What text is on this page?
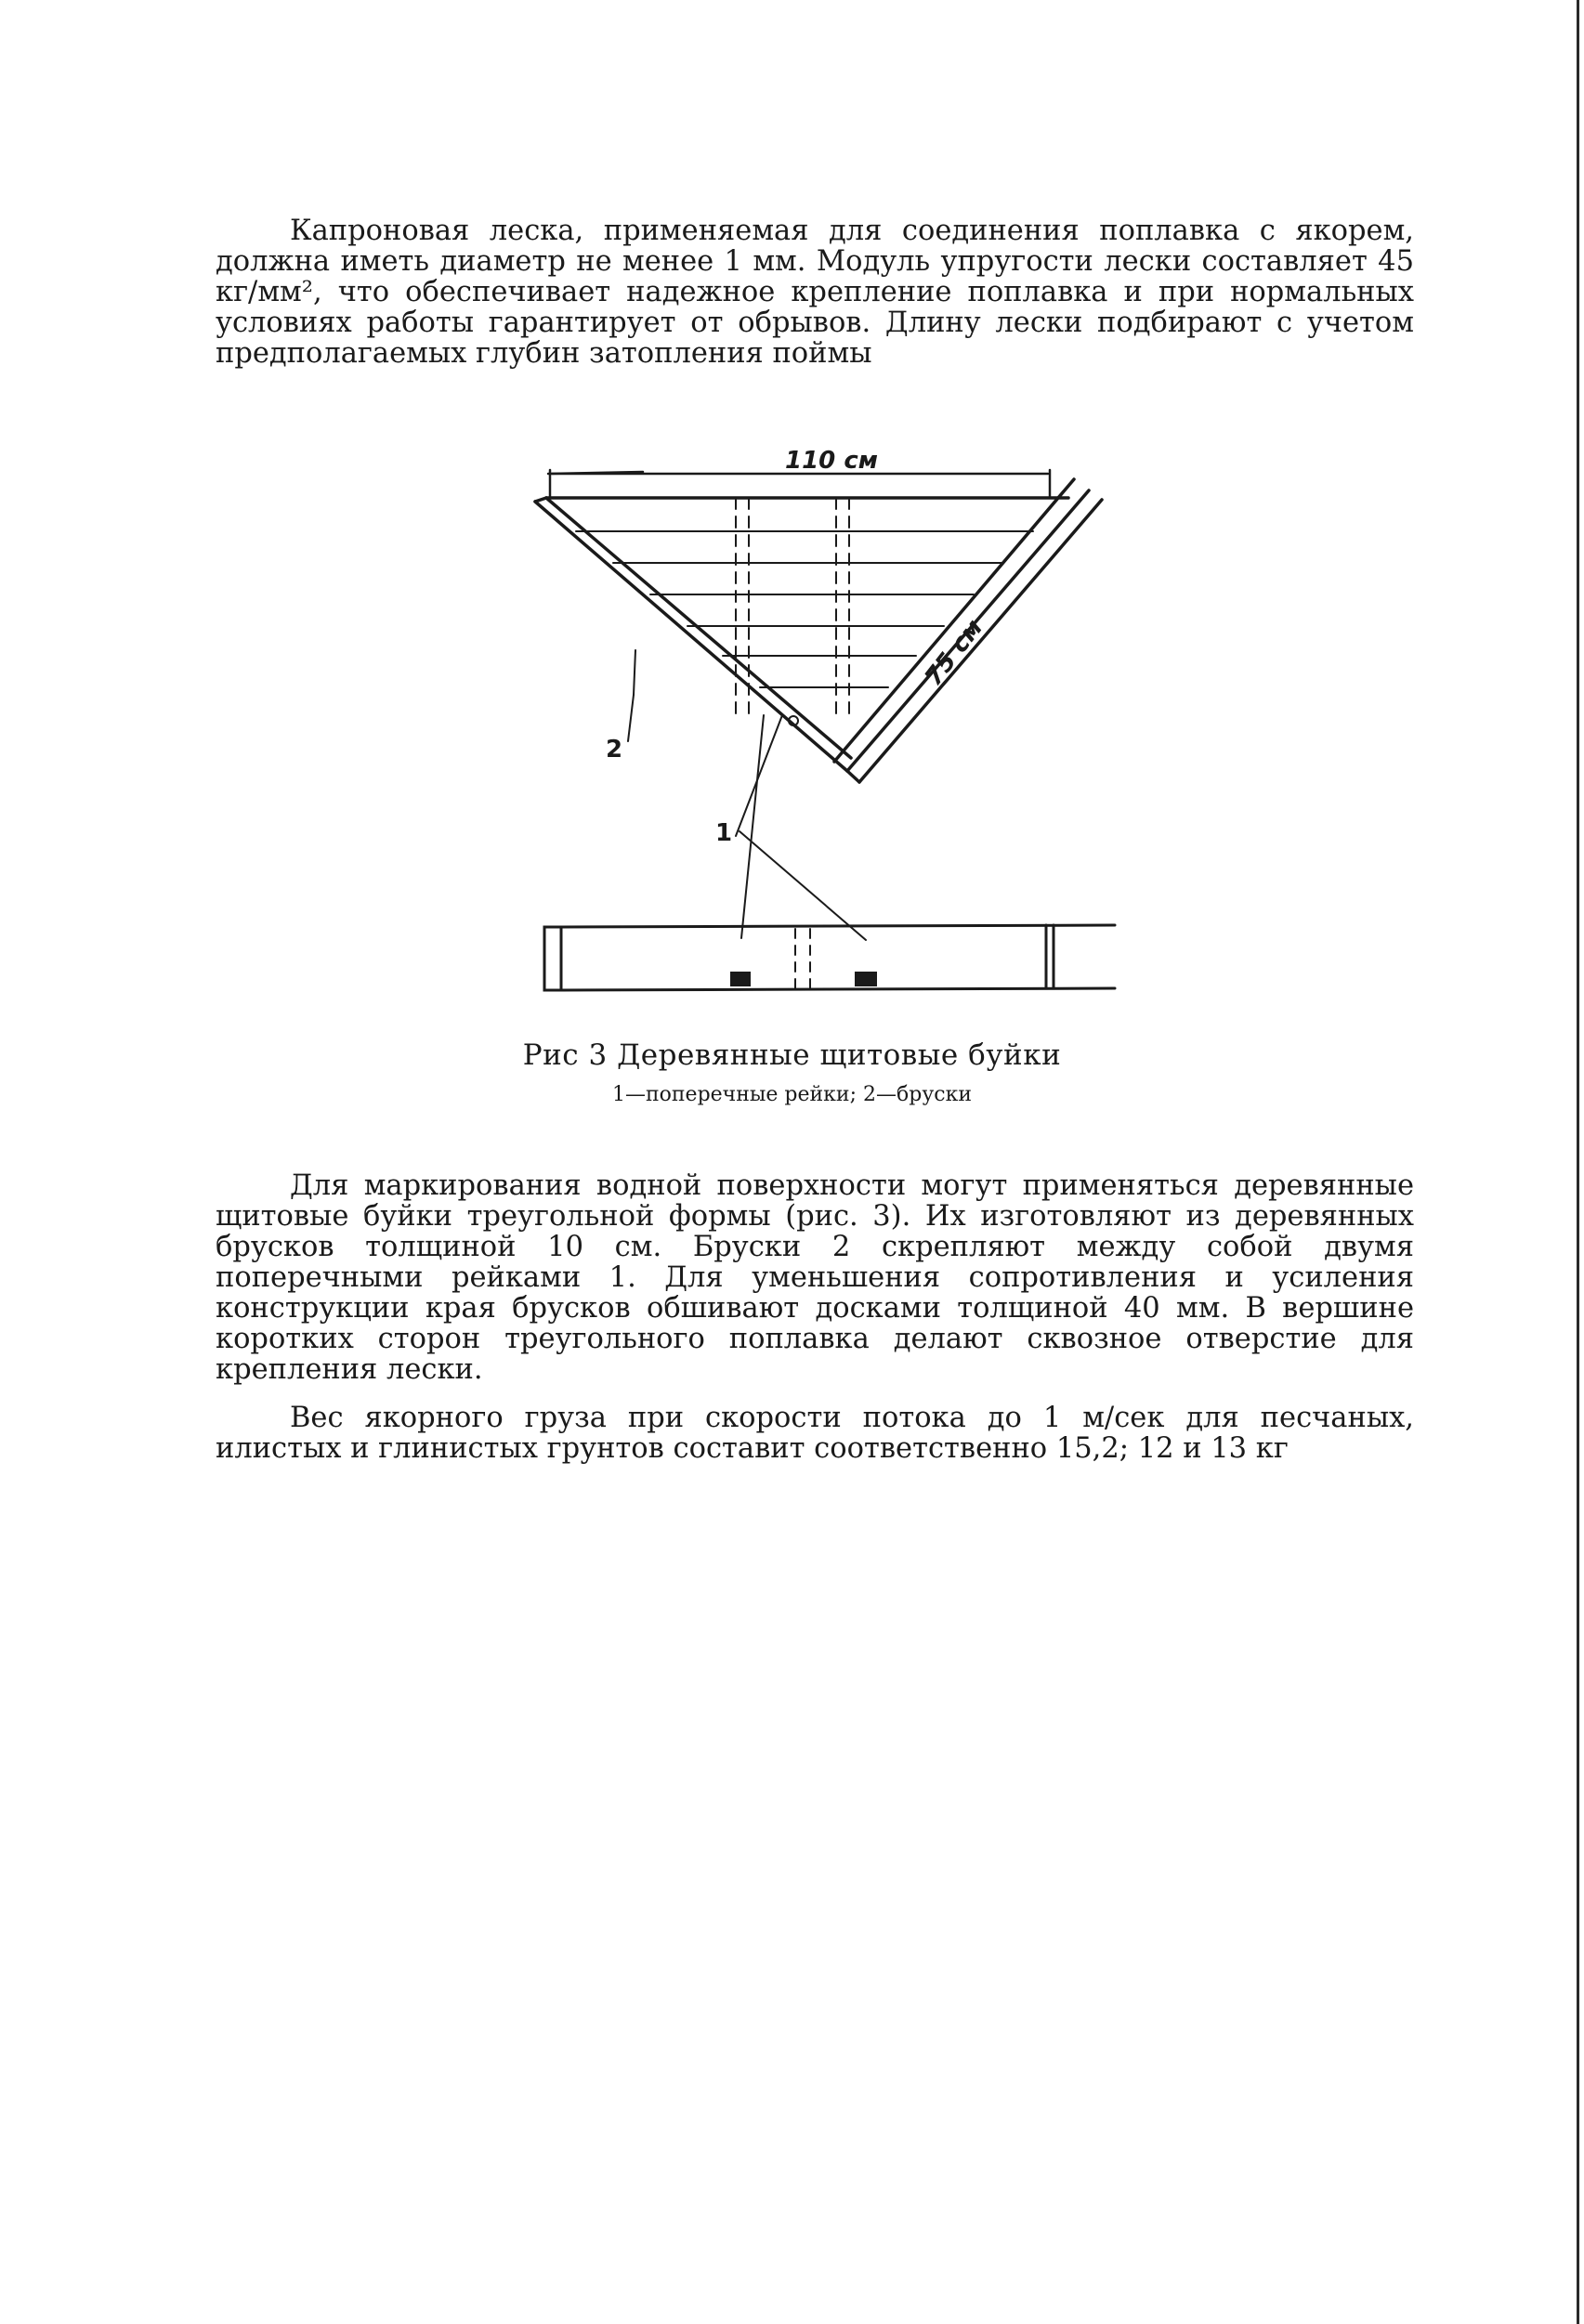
Капроновая леска, применяемая для соединения поплавка с якорем, должна иметь диаметр не менее 1 мм. Модуль упругости лески составляет 45 кг/мм², что обеспечивает надежное крепление поплавка и при нормальных условиях работы гарантирует от обрывов. Длину лески подбирают с учетом предполагаемых глубин затопления поймы

110 см
75 см
2
1
Рис 3 Деревянные щитовые буйки
1—поперечные рейки; 2—бруски

Для маркирования водной поверхности могут применяться деревянные щитовые буйки треугольной формы (рис. 3). Их изготовляют из деревянных брусков толщиной 10 см. Бруски 2 скрепляют между собой двумя поперечными рейками 1. Для уменьшения сопротивления и усиления конструкции края брусков обшивают досками толщиной 40 мм. В вершине коротких сторон треугольного поплавка делают сквозное отверстие для крепления лески.

Вес якорного груза при скорости потока до 1 м/сек для песчаных, илистых и глинистых грунтов составит соответственно 15,2; 12 и 13 кг
